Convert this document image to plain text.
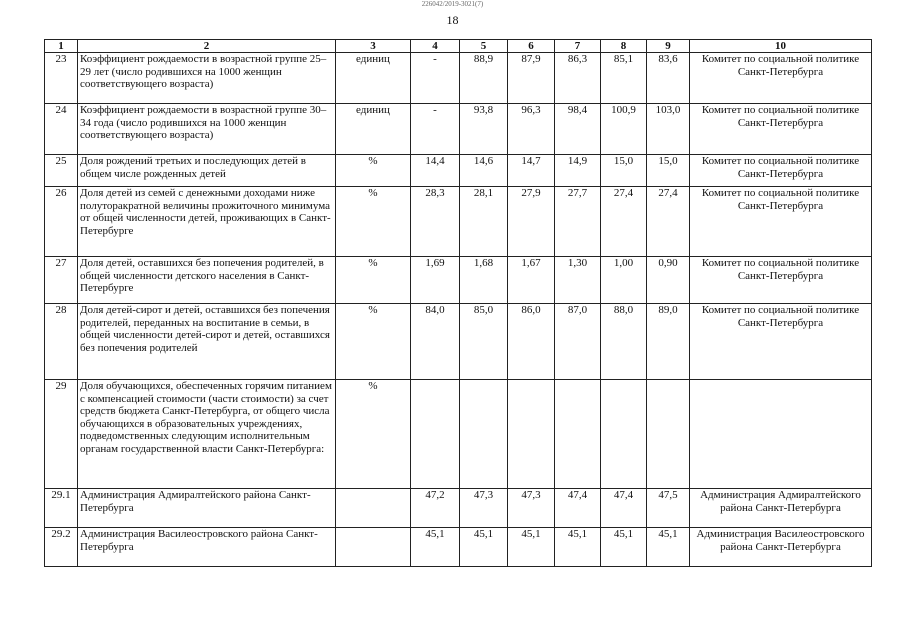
226042/2019-3021(7)
18
1	2	3	4	5	6	7	8	9	10
23	Коэффициент рождаемости в возрастной группе 25–29 лет (число родившихся на 1000 женщин соответствующего возраста)	единиц	-	88,9	87,9	86,3	85,1	83,6	Комитет по социальной политике Санкт-Петербурга
24	Коэффициент рождаемости в возрастной группе 30–34 года (число родившихся на 1000 женщин соответствующего возраста)	единиц	-	93,8	96,3	98,4	100,9	103,0	Комитет по социальной политике Санкт-Петербурга
25	Доля рождений третьих и последующих детей в общем числе рожденных детей	%	14,4	14,6	14,7	14,9	15,0	15,0	Комитет по социальной политике Санкт-Петербурга
26	Доля детей из семей с денежными доходами ниже полуторакратной величины прожиточного минимума от общей численности детей, проживающих в Санкт-Петербурге	%	28,3	28,1	27,9	27,7	27,4	27,4	Комитет по социальной политике Санкт-Петербурга
27	Доля детей, оставшихся без попечения родителей, в общей численности детского населения в Санкт-Петербурге	%	1,69	1,68	1,67	1,30	1,00	0,90	Комитет по социальной политике Санкт-Петербурга
28	Доля детей-сирот и детей, оставшихся без попечения родителей, переданных на воспитание в семьи, в общей численности детей-сирот и детей, оставшихся без попечения родителей	%	84,0	85,0	86,0	87,0	88,0	89,0	Комитет по социальной политике Санкт-Петербурга
29	Доля обучающихся, обеспеченных горячим питанием с компенсацией стоимости (части стоимости) за счет средств бюджета Санкт-Петербурга, от общего числа обучающихся в образовательных учреждениях, подведомственных следующим исполнительным органам государственной власти Санкт-Петербурга:	%							
29.1	Администрация Адмиралтейского района Санкт-Петербурга		47,2	47,3	47,3	47,4	47,4	47,5	Администрация Адмиралтейского района Санкт-Петербурга
29.2	Администрация Василеостровского района Санкт-Петербурга		45,1	45,1	45,1	45,1	45,1	45,1	Администрация Василеостровского района Санкт-Петербурга
